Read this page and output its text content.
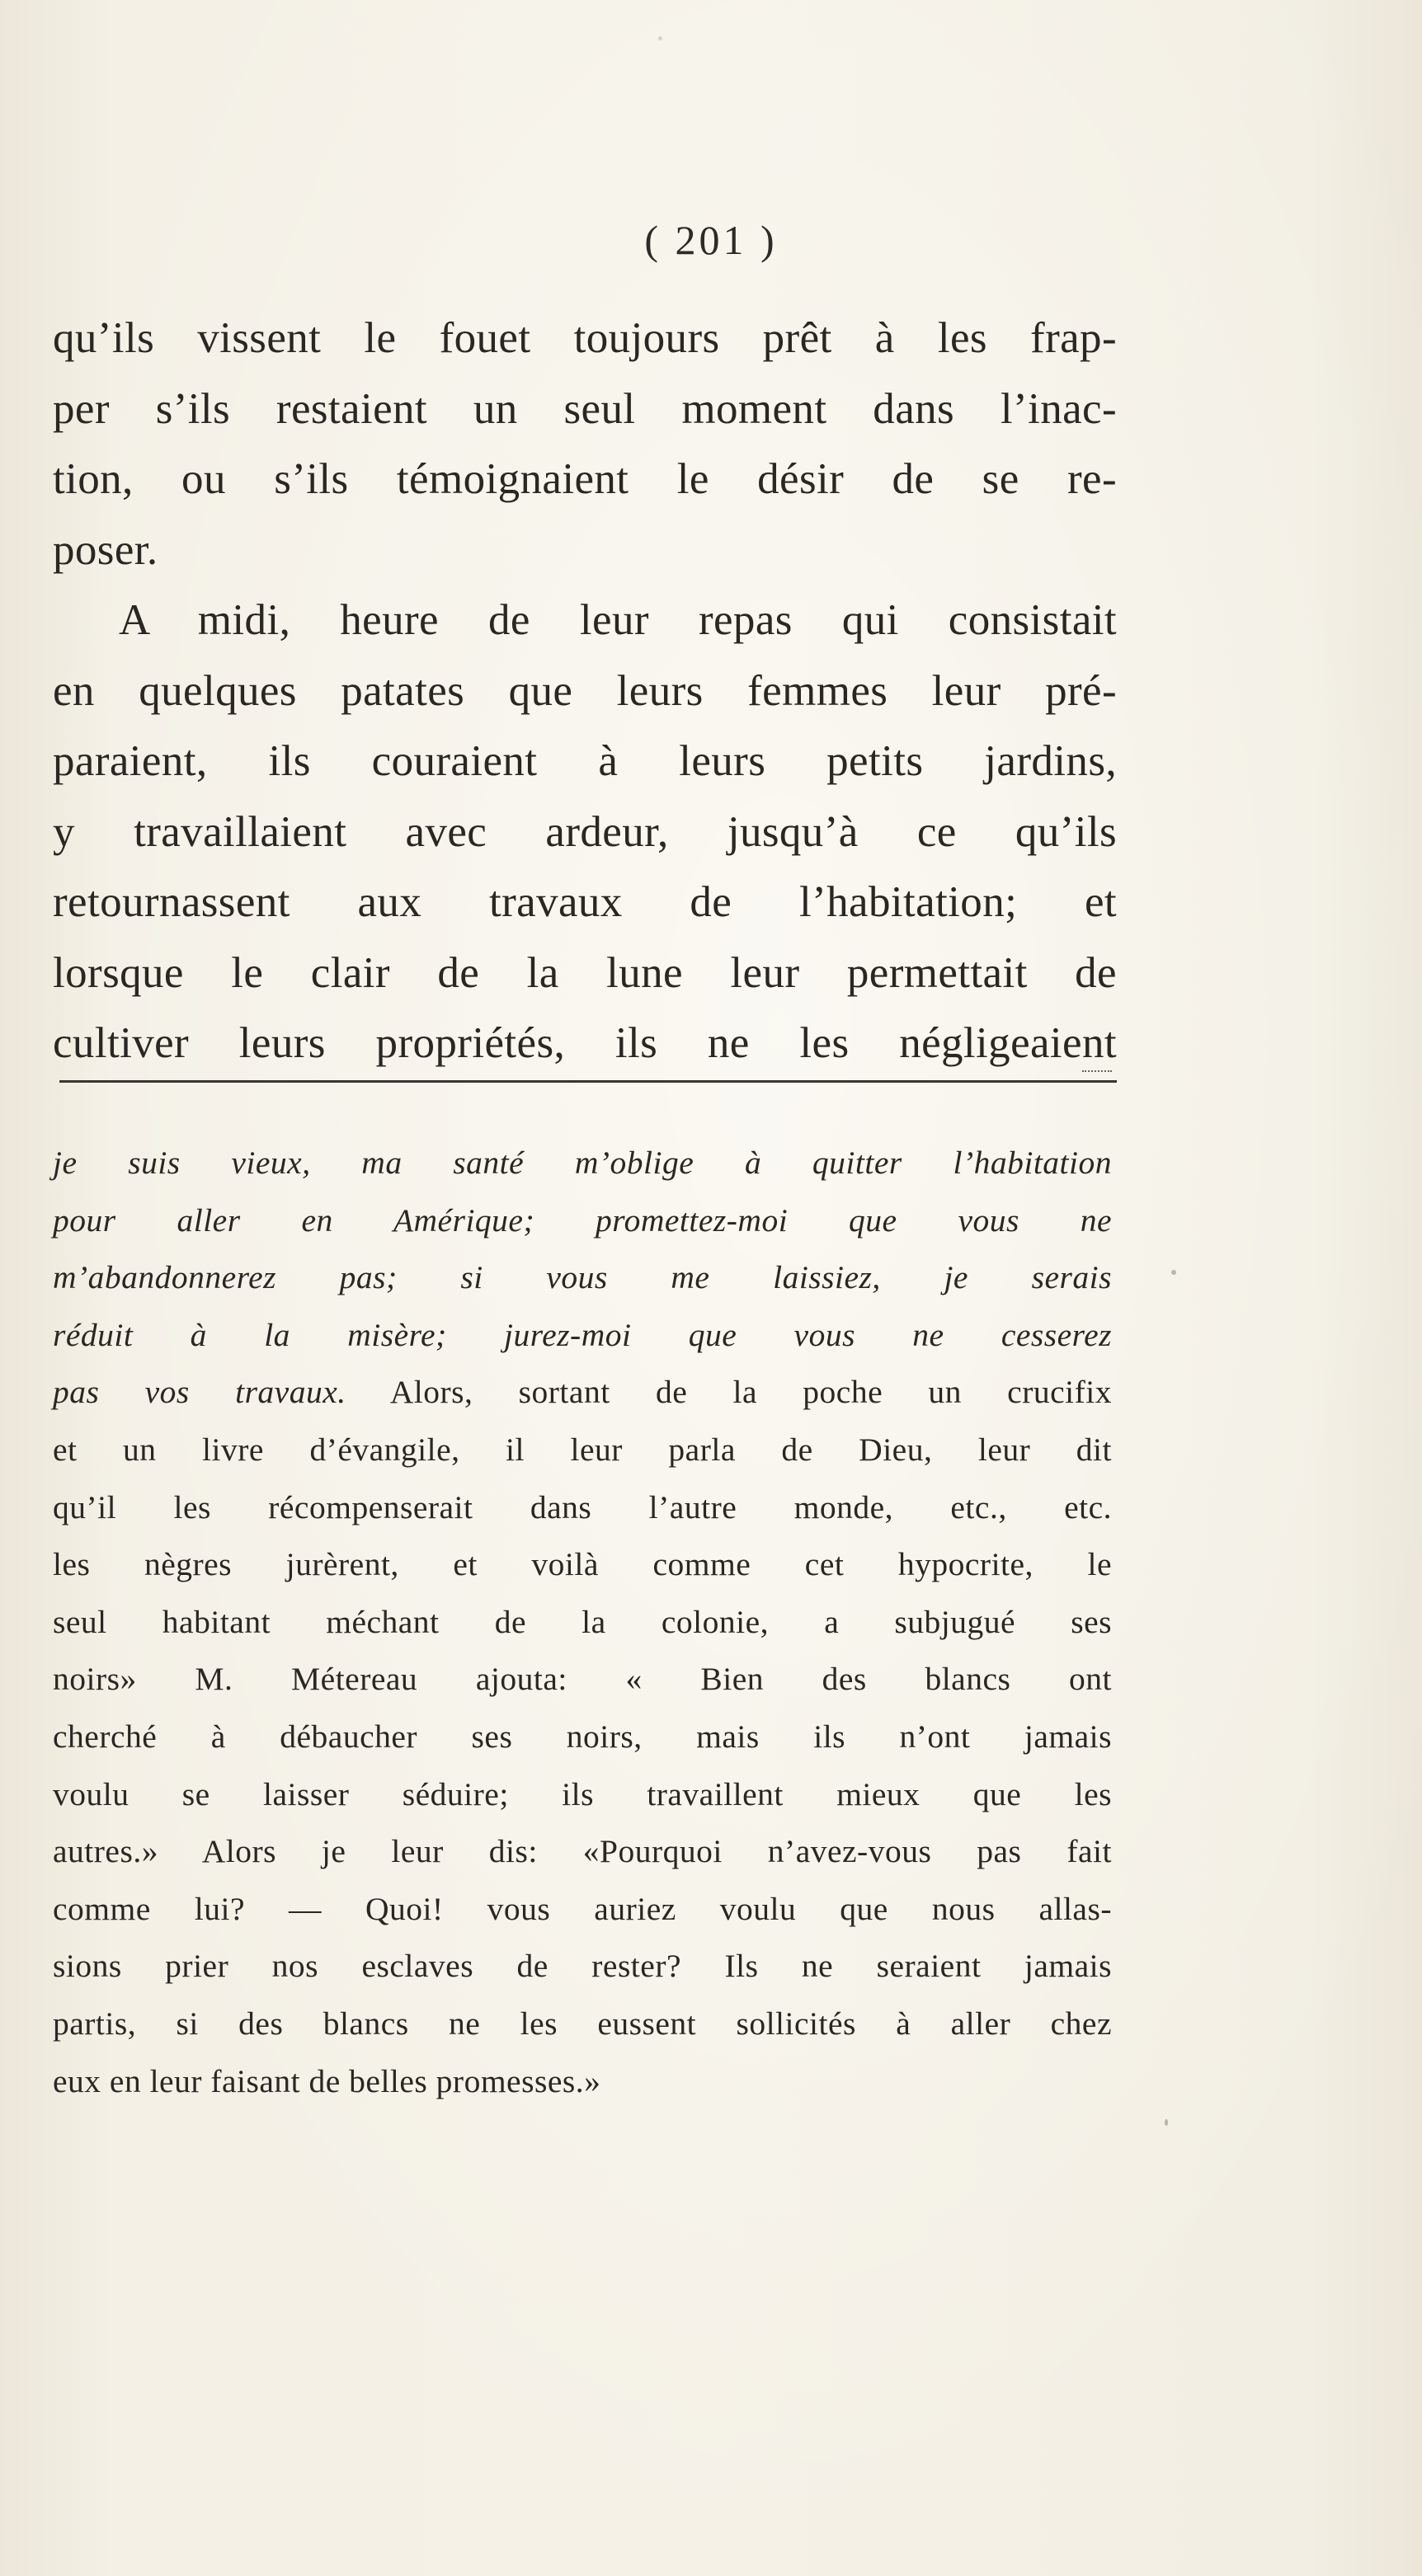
( 201 )
qu’ils vissent le fouet toujours prêt à les frap-
per s’ils restaient un seul moment dans l’inac-
tion, ou s’ils témoignaient le désir de se re-
poser.
A midi, heure de leur repas qui consistait
en quelques patates que leurs femmes leur pré-
paraient, ils couraient à leurs petits jardins,
y travaillaient avec ardeur, jusqu’à ce qu’ils
retournassent aux travaux de l’habitation; et
lorsque le clair de la lune leur permettait de
cultiver leurs propriétés, ils ne les négligeaient
je suis vieux, ma santé m’oblige à quitter l’habitation
pour aller en Amérique; promettez-moi que vous ne
m’abandonnerez pas; si vous me laissiez, je serais
réduit à la misère; jurez-moi que vous ne cesserez
pas vos travaux. Alors, sortant de la poche un crucifix
et un livre d’évangile, il leur parla de Dieu, leur dit
qu’il les récompenserait dans l’autre monde, etc., etc.
les nègres jurèrent, et voilà comme cet hypocrite, le
seul habitant méchant de la colonie, a subjugué ses
noirs» M. Métereau ajouta: « Bien des blancs ont
cherché à débaucher ses noirs, mais ils n’ont jamais
voulu se laisser séduire; ils travaillent mieux que les
autres.» Alors je leur dis: «Pourquoi n’avez-vous pas fait
comme lui? — Quoi! vous auriez voulu que nous allas-
sions prier nos esclaves de rester? Ils ne seraient jamais
partis, si des blancs ne les eussent sollicités à aller chez
eux en leur faisant de belles promesses.»
